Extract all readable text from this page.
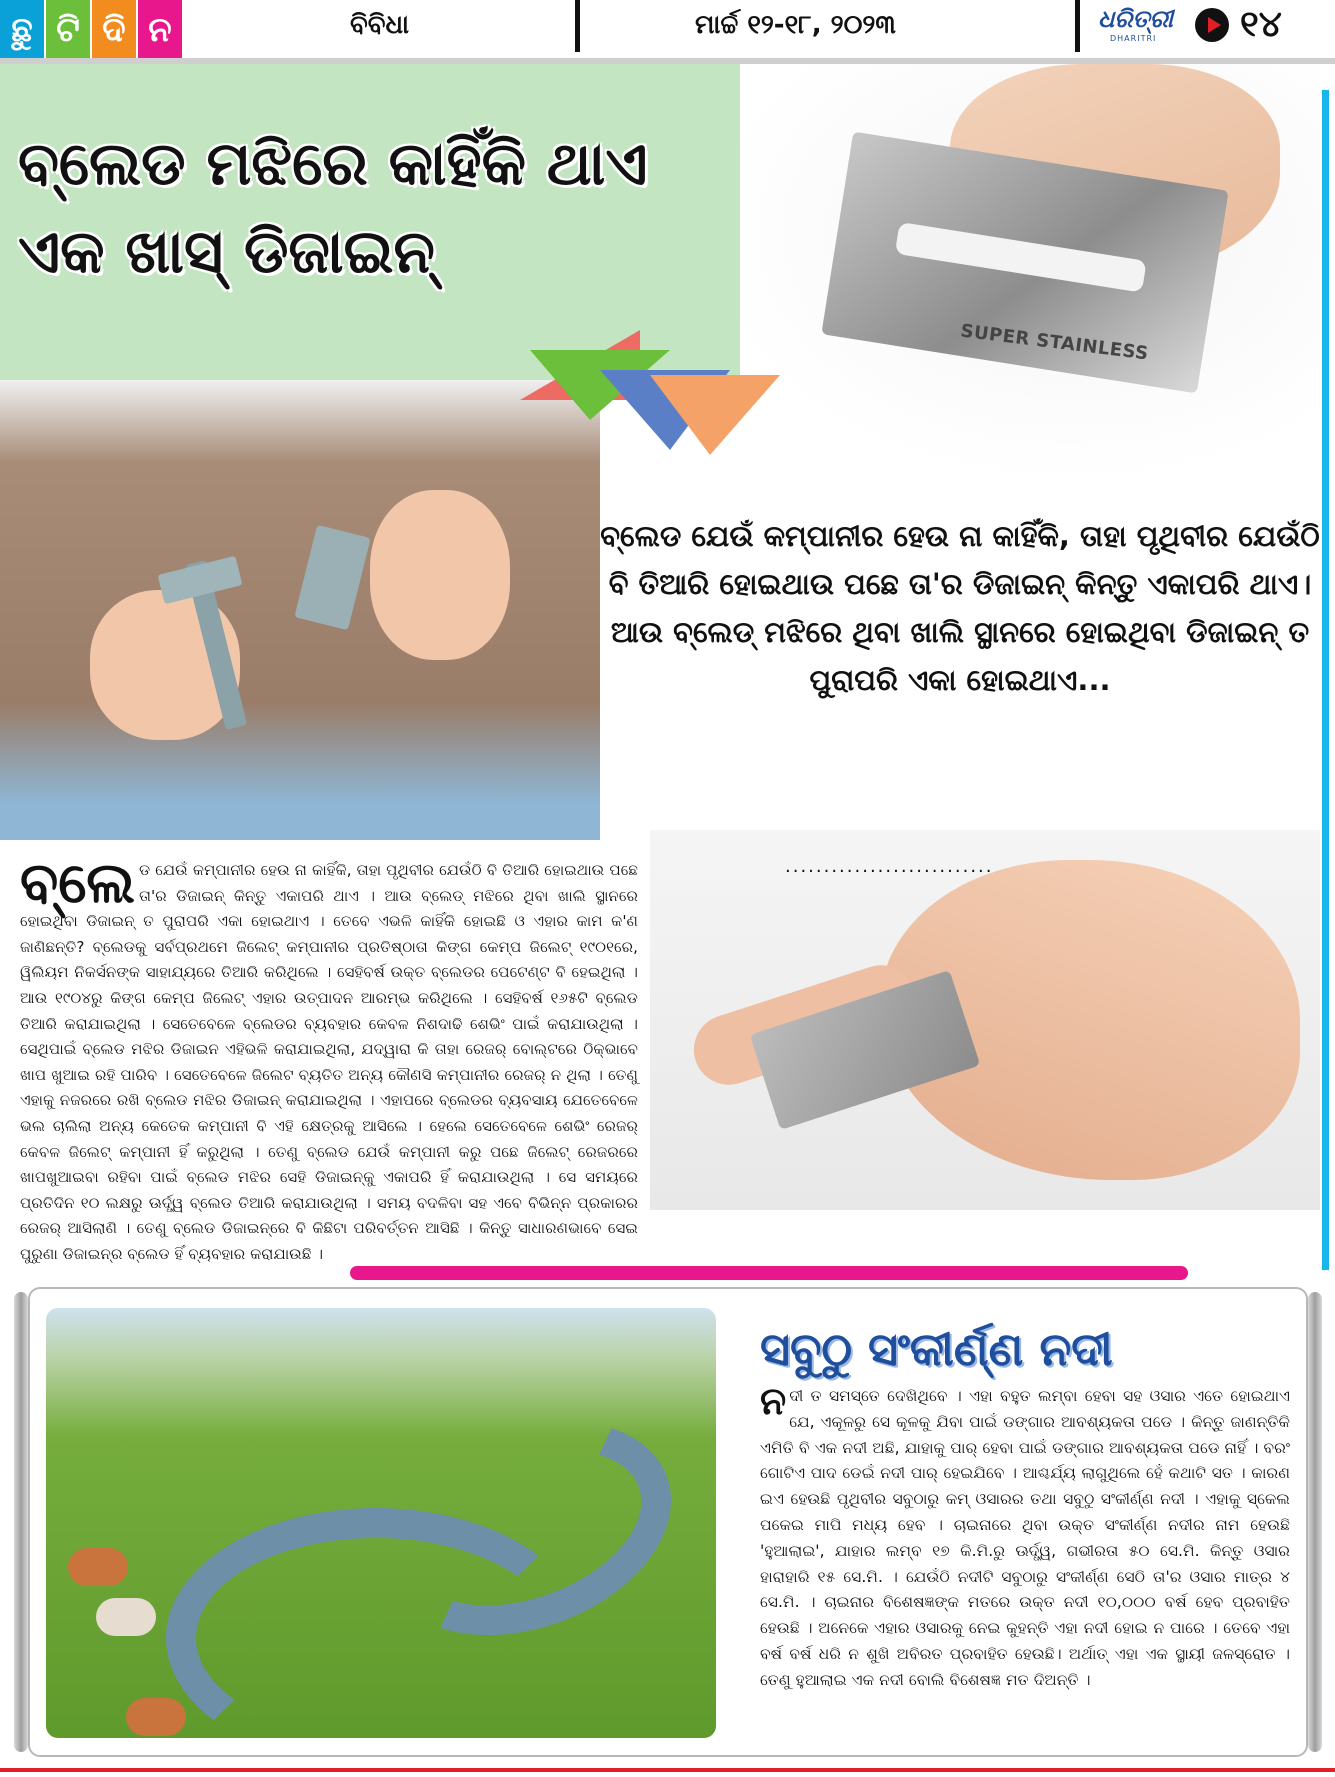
ଛୁ ଟି ଦି ନ	ବିବିଧା	ମାର୍ଚ୍ଚ ୧୨-୧୮, ୨୦୨୩	ଧରିତ୍ରୀ
DHARITRI ୧୪
SUPER STAINLESS
ବ୍ଲେଡ ମଝିରେ କାହିଁକି ଥାଏ
ଏକ ଖାସ୍ ଡିଜାଇନ୍
ବ୍ଲେଡ ଯେଉଁ କମ୍ପାନୀର ହେଉ ନା କାହିଁକି, ତାହା ପୃଥିବୀର ଯେଉଁଠି ବି ତିଆରି ହୋଇଥାଉ ପଛେ ତା'ର ଡିଜାଇନ୍ କିନ୍ତୁ ଏକାପରି ଥାଏ। ଆଉ ବ୍ଲେଡ୍ ମଝିରେ ଥିବା ଖାଲି ସ୍ଥାନରେ ହୋଇଥିବା ଡିଜାଇନ୍ ତ ପୁରାପରି ଏକା ହୋଇଥାଏ...
...........................
ବ୍ଲେ ଡ ଯେଉଁ କମ୍ପାନୀର ହେଉ ନା କାହିଁକି, ତାହା ପୃଥିବୀର ଯେଉଁଠି ବି ତିଆରି ହୋଇଥାଉ ପଛେ ତା'ର ଡିଜାଇନ୍ କିନ୍ତୁ ଏକାପରି ଥାଏ । ଆଉ ବ୍ଲେଡ୍ ମଝିରେ ଥିବା ଖାଲି ସ୍ଥାନରେ ହୋଇଥିବା ଡିଜାଇନ୍ ତ ପୁରାପରି ଏକା ହୋଇଥାଏ । ତେବେ ଏଭଳି କାହିଁକି ହୋଇଛି ଓ ଏହାର କାମ କ'ଣ ଜାଣିଛନ୍ତି? ବ୍ଲେଡକୁ ସର୍ବପ୍ରଥମେ ଜିଲେଟ୍ କମ୍ପାନୀର ପ୍ରତିଷ୍ଠାତା କିଙ୍ଗ କେମ୍ପ ଜିଲେଟ୍ ୧୯୦୧ରେ, ୱିଲିୟମ ନିକର୍ସନଙ୍କ ସାହାଯ୍ୟରେ ତିଆରି କରିଥିଲେ । ସେହିବର୍ଷ ଉକ୍ତ ବ୍ଲେଡର ପେଟେଣ୍ଟ ବି ହେଇଥିଲା । ଆଉ ୧୯୦୪ରୁ କିଙ୍ଗ କେମ୍ପ ଜିଲେଟ୍ ଏହାର ଉତ୍ପାଦନ ଆରମ୍ଭ କରିଥିଲେ । ସେହିବର୍ଷ ୧୬୫ଟି ବ୍ଲେଡ ତିଆରି କରାଯାଇଥିଲା । ସେତେବେଳେ ବ୍ଲେଡର ବ୍ୟବହାର କେବଳ ନିଶଦାଢି ଶେଭିଂ ପାଇଁ କରାଯାଉଥିଲା । ସେଥିପାଇଁ ବ୍ଲେଡ ମଝିର ଡିଜାଇନ ଏହିଭଳି କରାଯାଇଥିଲା, ଯଦ୍ୱାରା କି ତାହା ରେଜର୍ ବୋଲ୍ଟରେ ଠିକ୍‌ଭାବେ ଖାପ ଖୁଆଇ ରହି ପାରିବ । ସେତେବେଳେ ଜିଲେଟ ବ୍ୟତିତ ଅନ୍ୟ କୌଣସି କମ୍ପାନୀର ରେଜର୍ ନ ଥିଲା । ତେଣୁ ଏହାକୁ ନଜରରେ ରଖି ବ୍ଲେଡ ମଝିର ଡିଜାଇନ୍ କରାଯାଇଥିଲା । ଏହାପରେ ବ୍ଲେଡର ବ୍ୟବସାୟ ଯେତେବେଳେ ଭଲ ଚାଲିଲା ଅନ୍ୟ କେତେକ କମ୍ପାନୀ ବି ଏହି କ୍ଷେତ୍ରକୁ ଆସିଲେ । ହେଲେ ସେତେବେଳେ ଶେଭିଂ ରେଜର୍ କେବଳ ଜିଲେଟ୍ କମ୍ପାନୀ ହିଁ କରୁଥିଲା । ତେଣୁ ବ୍ଲେଡ ଯେଉଁ କମ୍ପାନୀ କରୁ ପଛେ ଜିଲେଟ୍ ରେଜରରେ ଖାପଖୁଆଇବା ରହିବା ପାଇଁ ବ୍ଲେଡ ମଝିର ସେହି ଡିଜାଇନ୍‌କୁ ଏକାପରି ହିଁ କରାଯାଉଥିଲା । ସେ ସମୟରେ ପ୍ରତିଦିନ ୧୦ ଲକ୍ଷରୁ ଊର୍ଦ୍ଧ୍ୱ ବ୍ଲେଡ ତିଆରି କରାଯାଉଥିଲା । ସମୟ ବଦଳିବା ସହ ଏବେ ବିଭିନ୍ନ ପ୍ରକାରର ରେଜର୍ ଆସିଲାଣି । ତେଣୁ ବ୍ଲେଡ ଡିଜାଇନ୍‌ରେ ବି କିଛିଟା ପରିବର୍ତ୍ତନ ଆସିଛି । କିନ୍ତୁ ସାଧାରଣଭାବେ ସେଇ ପୁରୁଣା ଡିଜାଇନ୍‌ର ବ୍ଲେଡ ହିଁ ବ୍ୟବହାର କରାଯାଉଛି ।
ସବୁଠୁ ସଂକୀର୍ଣ୍ଣ ନଦୀ
ନଦୀ ତ ସମସ୍ତେ ଦେଖିଥିବେ । ଏହା ବହୁତ ଲମ୍ବା ହେବା ସହ ଓସାର ଏତେ ହୋଇଥାଏ ଯେ, ଏକୂଳରୁ ସେ କୂଳକୁ ଯିବା ପାଇଁ ଡଙ୍ଗାର ଆବଶ୍ୟକତା ପଡେ । କିନ୍ତୁ ଜାଣନ୍ତିକି ଏମିତି ବି ଏକ ନଦୀ ଅଛି, ଯାହାକୁ ପାର୍ ହେବା ପାଇଁ ଡଙ୍ଗାର ଆବଶ୍ୟକତା ପଡେ ନାହିଁ । ବରଂ ଗୋଟିଏ ପାଦ ଡେଇଁ ନଦୀ ପାର୍ ହେଇଯିବେ । ଆଶ୍ଚର୍ଯ୍ୟ ଲାଗୁଥିଲେ ହେଁ କଥାଟି ସତ । କାରଣ ଇଏ ହେଉଛି ପୃଥିବୀର ସବୁଠାରୁ କମ୍ ଓସାରର ତଥା ସବୁଠୁ ସଂକୀର୍ଣ୍ଣ ନଦୀ । ଏହାକୁ ସ୍କେଲ ପକେଇ ମାପି ମଧ୍ୟ ହେବ । ଚାଇନାରେ ଥିବା ଉକ୍ତ ସଂକୀର୍ଣ୍ଣ ନଦୀର ନାମ ହେଉଛି 'ହୁଆଲାଇ', ଯାହାର ଲମ୍ବ ୧୭ କି.ମି.ରୁ ଊର୍ଦ୍ଧ୍ୱ, ଗଭୀରତା ୫୦ ସେ.ମି. କିନ୍ତୁ ଓସାର ହାରାହାରି ୧୫ ସେ.ମି. । ଯେଉଁଠି ନଦୀଟି ସବୁଠାରୁ ସଂକୀର୍ଣ୍ଣ ସେଠି ତା'ର ଓସାର ମାତ୍ର ୪ ସେ.ମି. । ଚାଇନାର ବିଶେଷଜ୍ଞଙ୍କ ମତରେ ଉକ୍ତ ନଦୀ ୧୦,୦୦୦ ବର୍ଷ ହେବ ପ୍ରବାହିତ ହେଉଛି । ଅନେକେ ଏହାର ଓସାରକୁ ନେଇ କୁହନ୍ତି ଏହା ନଦୀ ହୋଇ ନ ପାରେ । ତେବେ ଏହା ବର୍ଷ ବର୍ଷ ଧରି ନ ଶୁଖି ଅବିରତ ପ୍ରବାହିତ ହେଉଛି। ଅର୍ଥାତ୍ ଏହା ଏକ ସ୍ଥାୟୀ ଜଳସ୍ରୋତ । ତେଣୁ ହୁଆଲାଇ ଏକ ନଦୀ ବୋଲି ବିଶେଷଜ୍ଞ ମତ ଦିଅନ୍ତି ।
